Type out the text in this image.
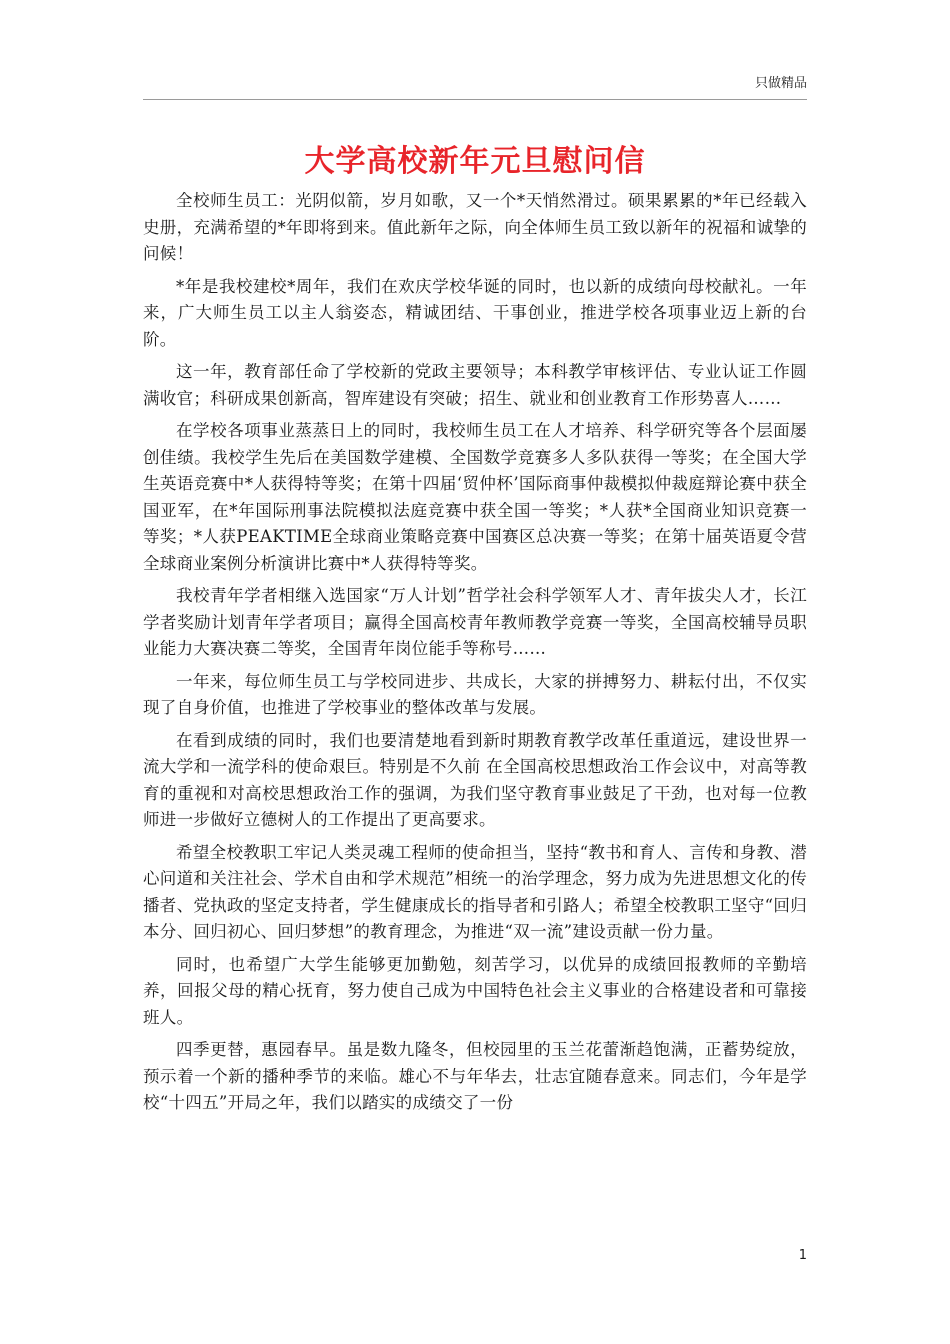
只做精品
大学高校新年元旦慰问信

全校师生员工：光阴似箭，岁月如歌，又一个*天悄然滑过。硕果累累的*年已经载入史册，充满希望的*年即将到来。值此新年之际，向全体师生员工致以新年的祝福和诚挚的问候！

*年是我校建校*周年，我们在欢庆学校华诞的同时，也以新的成绩向母校献礼。一年来，广大师生员工以主人翁姿态，精诚团结、干事创业，推进学校各项事业迈上新的台阶。

这一年，教育部任命了学校新的党政主要领导；本科教学审核评估、专业认证工作圆满收官；科研成果创新高，智库建设有突破；招生、就业和创业教育工作形势喜人……

在学校各项事业蒸蒸日上的同时，我校师生员工在人才培养、科学研究等各个层面屡创佳绩。我校学生先后在美国数学建模、全国数学竞赛多人多队获得一等奖；在全国大学生英语竞赛中*人获得特等奖；在第十四届‘贸仲杯’国际商事仲裁模拟仲裁庭辩论赛中获全国亚军，在*年国际刑事法院模拟法庭竞赛中获全国一等奖；*人获*全国商业知识竞赛一等奖；*人获PEAKTIME全球商业策略竞赛中国赛区总决赛一等奖；在第十届英语夏令营全球商业案例分析演讲比赛中*人获得特等奖。

我校青年学者相继入选国家“万人计划”哲学社会科学领军人才、青年拔尖人才，长江学者奖励计划青年学者项目；赢得全国高校青年教师教学竞赛一等奖，全国高校辅导员职业能力大赛决赛二等奖，全国青年岗位能手等称号……

一年来，每位师生员工与学校同进步、共成长，大家的拼搏努力、耕耘付出，不仅实现了自身价值，也推进了学校事业的整体改革与发展。

在看到成绩的同时，我们也要清楚地看到新时期教育教学改革任重道远，建设世界一流大学和一流学科的使命艰巨。特别是不久前 在全国高校思想政治工作会议中，对高等教育的重视和对高校思想政治工作的强调，为我们坚守教育事业鼓足了干劲，也对每一位教师进一步做好立德树人的工作提出了更高要求。

希望全校教职工牢记人类灵魂工程师的使命担当，坚持“教书和育人、言传和身教、潜心问道和关注社会、学术自由和学术规范”相统一的治学理念，努力成为先进思想文化的传播者、党执政的坚定支持者，学生健康成长的指导者和引路人；希望全校教职工坚守“回归本分、回归初心、回归梦想”的教育理念，为推进“双一流”建设贡献一份力量。

同时，也希望广大学生能够更加勤勉，刻苦学习，以优异的成绩回报教师的辛勤培养，回报父母的精心抚育，努力使自己成为中国特色社会主义事业的合格建设者和可靠接班人。

四季更替，惠园春早。虽是数九隆冬，但校园里的玉兰花蕾渐趋饱满，正蓄势绽放，预示着一个新的播种季节的来临。雄心不与年华去，壮志宜随春意来。同志们，今年是学校“十四五”开局之年，我们以踏实的成绩交了一份

1
